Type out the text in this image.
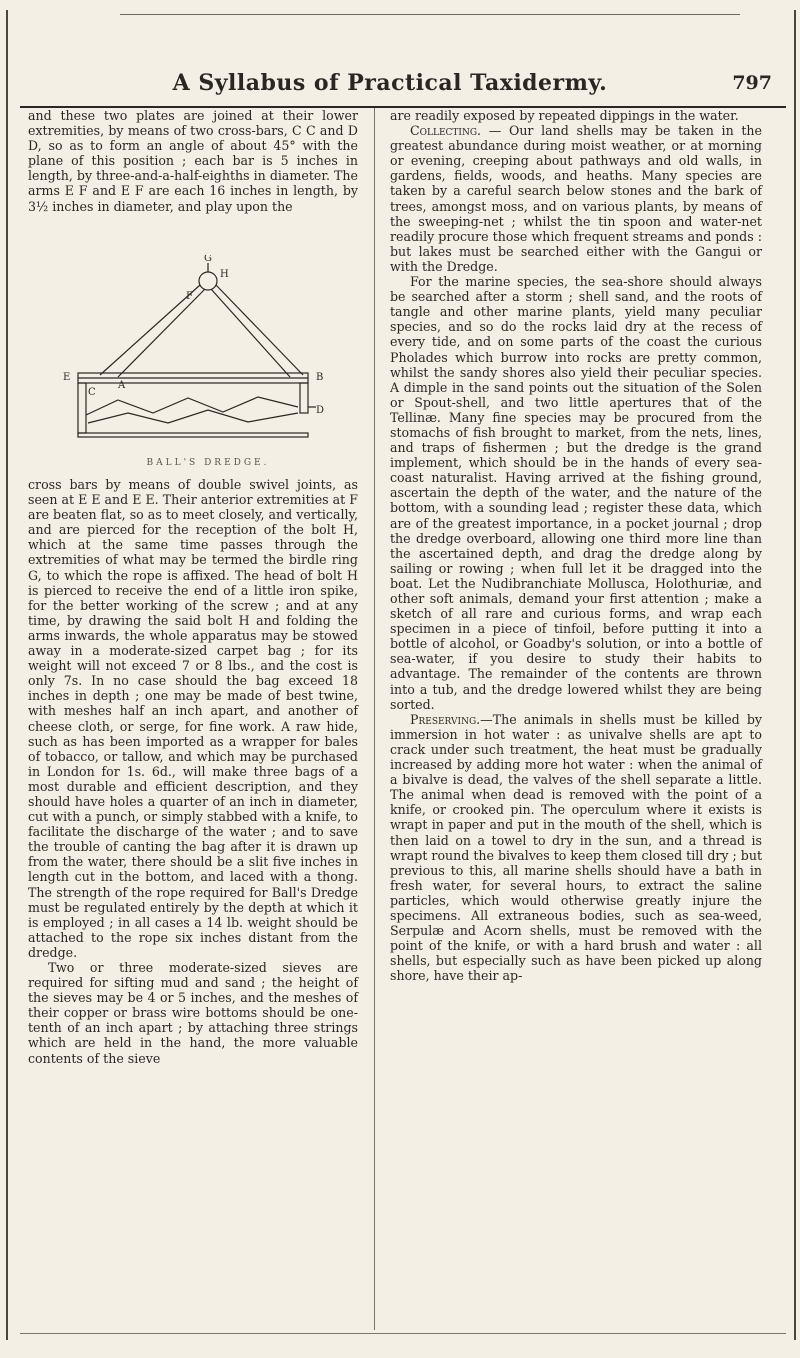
A Syllabus of Practical Taxidermy.	797

and these two plates are joined at their lower extremities, by means of two cross-bars, C C and D D, so as to form an angle of about 45° with the plane of this position ; each bar is 5 inches in length, by three-and-a-half-eighths in diameter. The arms E F and E F are each 16 inches in length, by 3½ inches in diameter, and play upon the

G
H
F
E
A
B
C
D
BALL'S DREDGE.

cross bars by means of double swivel joints, as seen at E E and E E. Their anterior extremities at F are beaten flat, so as to meet closely, and vertically, and are pierced for the reception of the bolt H, which at the same time passes through the extremities of what may be termed the birdle ring G, to which the rope is affixed. The head of bolt H is pierced to receive the end of a little iron spike, for the better working of the screw ; and at any time, by drawing the said bolt H and folding the arms inwards, the whole apparatus may be stowed away in a moderate-sized carpet bag ; for its weight will not exceed 7 or 8 lbs., and the cost is only 7s. In no case should the bag exceed 18 inches in depth ; one may be made of best twine, with meshes half an inch apart, and another of cheese cloth, or serge, for fine work. A raw hide, such as has been imported as a wrapper for bales of tobacco, or tallow, and which may be purchased in London for 1s. 6d., will make three bags of a most durable and efficient description, and they should have holes a quarter of an inch in diameter, cut with a punch, or simply stabbed with a knife, to facilitate the discharge of the water ; and to save the trouble of canting the bag after it is drawn up from the water, there should be a slit five inches in length cut in the bottom, and laced with a thong. The strength of the rope required for Ball's Dredge must be regulated entirely by the depth at which it is employed ; in all cases a 14 lb. weight should be attached to the rope six inches distant from the dredge.

Two or three moderate-sized sieves are required for sifting mud and sand ; the height of the sieves may be 4 or 5 inches, and the meshes of their copper or brass wire bottoms should be one-tenth of an inch apart ; by attaching three strings which are held in the hand, the more valuable contents of the sieve

are readily exposed by repeated dippings in the water.

Collecting. — Our land shells may be taken in the greatest abundance during moist weather, or at morning or evening, creeping about pathways and old walls, in gardens, fields, woods, and heaths. Many species are taken by a careful search below stones and the bark of trees, amongst moss, and on various plants, by means of the sweeping-net ; whilst the tin spoon and water-net readily procure those which frequent streams and ponds : but lakes must be searched either with the Gangui or with the Dredge.

For the marine species, the sea-shore should always be searched after a storm ; shell sand, and the roots of tangle and other marine plants, yield many peculiar species, and so do the rocks laid dry at the recess of every tide, and on some parts of the coast the curious Pholades which burrow into rocks are pretty common, whilst the sandy shores also yield their peculiar species. A dimple in the sand points out the situation of the Solen or Spout-shell, and two little apertures that of the Tellinæ. Many fine species may be procured from the stomachs of fish brought to market, from the nets, lines, and traps of fishermen ; but the dredge is the grand implement, which should be in the hands of every sea-coast naturalist. Having arrived at the fishing ground, ascertain the depth of the water, and the nature of the bottom, with a sounding lead ; register these data, which are of the greatest importance, in a pocket journal ; drop the dredge overboard, allowing one third more line than the ascertained depth, and drag the dredge along by sailing or rowing ; when full let it be dragged into the boat. Let the Nudibranchiate Mollusca, Holothuriæ, and other soft animals, demand your first attention ; make a sketch of all rare and curious forms, and wrap each specimen in a piece of tinfoil, before putting it into a bottle of alcohol, or Goadby's solution, or into a bottle of sea-water, if you desire to study their habits to advantage. The remainder of the contents are thrown into a tub, and the dredge lowered whilst they are being sorted.

Preserving.—The animals in shells must be killed by immersion in hot water : as univalve shells are apt to crack under such treatment, the heat must be gradually increased by adding more hot water : when the animal of a bivalve is dead, the valves of the shell separate a little. The animal when dead is removed with the point of a knife, or crooked pin. The operculum where it exists is wrapt in paper and put in the mouth of the shell, which is then laid on a towel to dry in the sun, and a thread is wrapt round the bivalves to keep them closed till dry ; but previous to this, all marine shells should have a bath in fresh water, for several hours, to extract the saline particles, which would otherwise greatly injure the specimens. All extraneous bodies, such as sea-weed, Serpulæ and Acorn shells, must be removed with the point of the knife, or with a hard brush and water : all shells, but especially such as have been picked up along shore, have their ap-
